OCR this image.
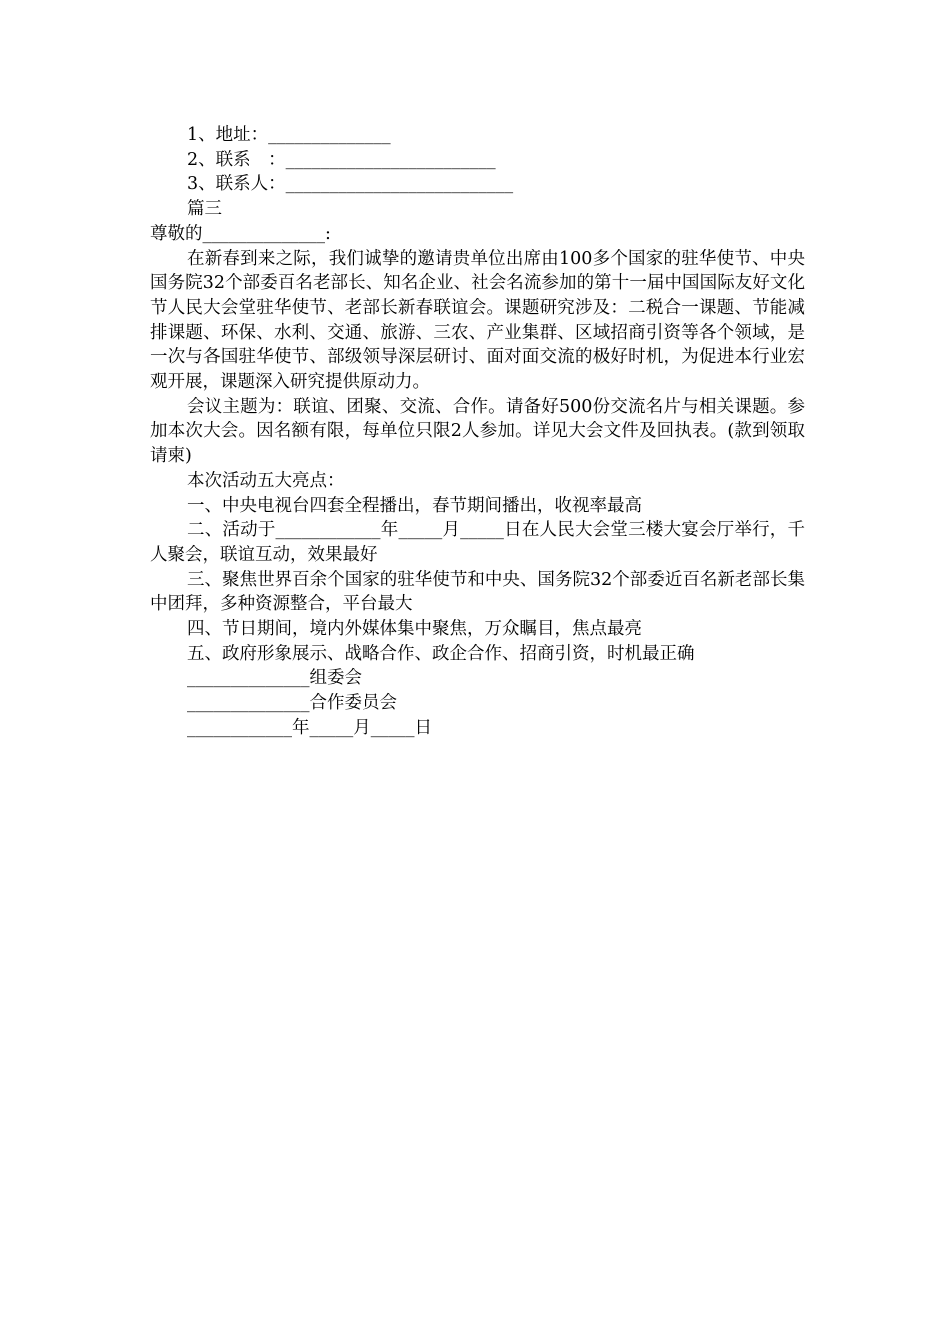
1、地址：______________

2、联系　：________________________

3、联系人：__________________________

篇三

尊敬的______________:

在新春到来之际，我们诚挚的邀请贵单位出席由100多个国家的驻华使节、中央国务院32个部委百名老部长、知名企业、社会名流参加的第十一届中国国际友好文化节人民大会堂驻华使节、老部长新春联谊会。课题研究涉及：二税合一课题、节能减排课题、环保、水利、交通、旅游、三农、产业集群、区域招商引资等各个领域，是一次与各国驻华使节、部级领导深层研讨、面对面交流的极好时机，为促进本行业宏观开展，课题深入研究提供原动力。

会议主题为：联谊、团聚、交流、合作。请备好500份交流名片与相关课题。参加本次大会。因名额有限，每单位只限2人参加。详见大会文件及回执表。(款到领取请柬)

本次活动五大亮点：

一、中央电视台四套全程播出，春节期间播出，收视率最高

二、活动于____________年_____月_____日在人民大会堂三楼大宴会厅举行，千人聚会，联谊互动，效果最好

三、聚焦世界百余个国家的驻华使节和中央、国务院32个部委近百名新老部长集中团拜，多种资源整合，平台最大

四、节日期间，境内外媒体集中聚焦，万众瞩目，焦点最亮

五、政府形象展示、战略合作、政企合作、招商引资，时机最正确

______________组委会

______________合作委员会

____________年_____月_____日
